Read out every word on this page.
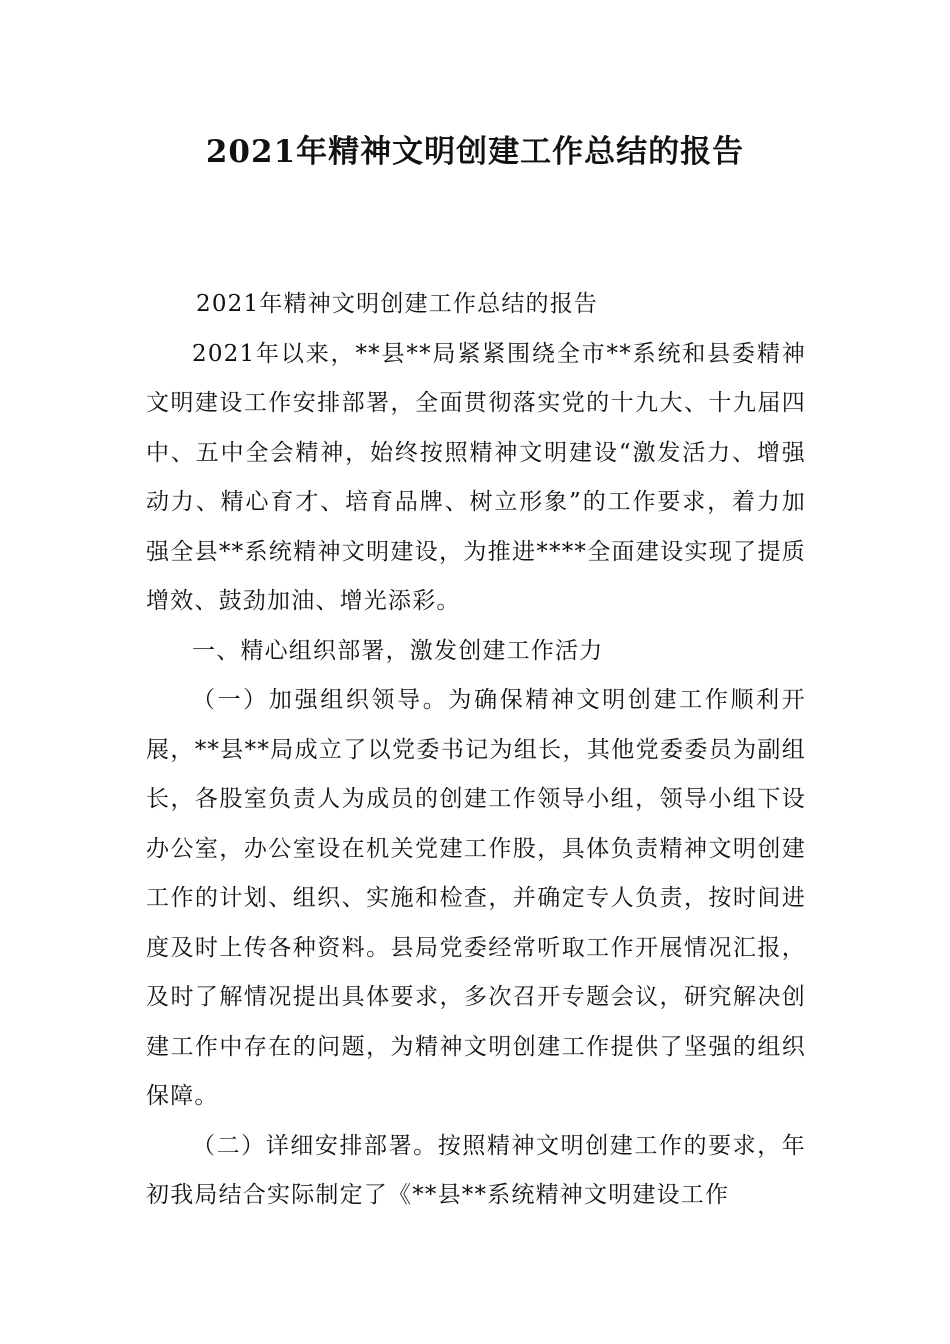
2021年精神文明创建工作总结的报告

2021年精神文明创建工作总结的报告

2021年以来，**县**局紧紧围绕全市**系统和县委精神文明建设工作安排部署，全面贯彻落实党的十九大、十九届四中、五中全会精神，始终按照精神文明建设“激发活力、增强动力、精心育才、培育品牌、树立形象”的工作要求，着力加强全县**系统精神文明建设，为推进****全面建设实现了提质增效、鼓劲加油、增光添彩。

一、精心组织部署，激发创建工作活力

（一）加强组织领导。为确保精神文明创建工作顺利开展，**县**局成立了以党委书记为组长，其他党委委员为副组长，各股室负责人为成员的创建工作领导小组，领导小组下设办公室，办公室设在机关党建工作股，具体负责精神文明创建工作的计划、组织、实施和检查，并确定专人负责，按时间进度及时上传各种资料。县局党委经常听取工作开展情况汇报，及时了解情况提出具体要求，多次召开专题会议，研究解决创建工作中存在的问题，为精神文明创建工作提供了坚强的组织保障。

（二）详细安排部署。按照精神文明创建工作的要求，年初我局结合实际制定了《**县**系统精神文明建设工作
